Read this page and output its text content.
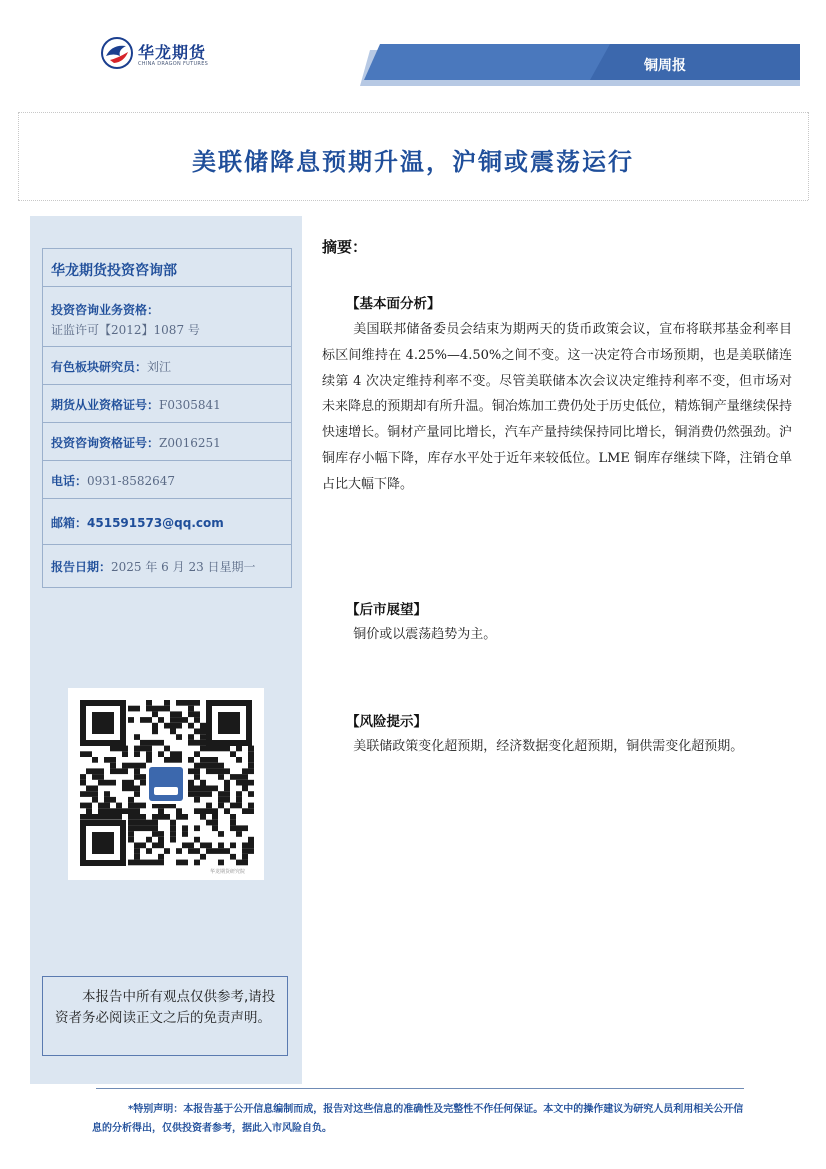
华龙期货
CHINA DRAGON FUTURES	铜周报
美联储降息预期升温，沪铜或震荡运行
华龙期货投资咨询部
投资咨询业务资格：
证监许可【2012】1087 号
有色板块研究员：刘江
期货从业资格证号：F0305841
投资咨询资格证号：Z0016251
电话：0931-8582647
邮箱：451591573@qq.com
报告日期：2025 年 6 月 23 日星期一
华龙期货研究院
本报告中所有观点仅供参考,请投资者务必阅读正文之后的免责声明。
摘要：
【基本面分析】

美国联邦储备委员会结束为期两天的货币政策会议，宣布将联邦基金利率目标区间维持在 4.25%—4.50%之间不变。这一决定符合市场预期，也是美联储连续第 4 次决定维持利率不变。尽管美联储本次会议决定维持利率不变，但市场对未来降息的预期却有所升温。铜冶炼加工费仍处于历史低位，精炼铜产量继续保持快速增长。铜材产量同比增长，汽车产量持续保持同比增长，铜消费仍然强劲。沪铜库存小幅下降，库存水平处于近年来较低位。LME 铜库存继续下降，注销仓单占比大幅下降。

【后市展望】

铜价或以震荡趋势为主。

【风险提示】

美联储政策变化超预期，经济数据变化超预期，铜供需变化超预期。

*特别声明：本报告基于公开信息编制而成，报告对这些信息的准确性及完整性不作任何保证。本文中的操作建议为研究人员利用相关公开信息的分析得出，仅供投资者参考，据此入市风险自负。
